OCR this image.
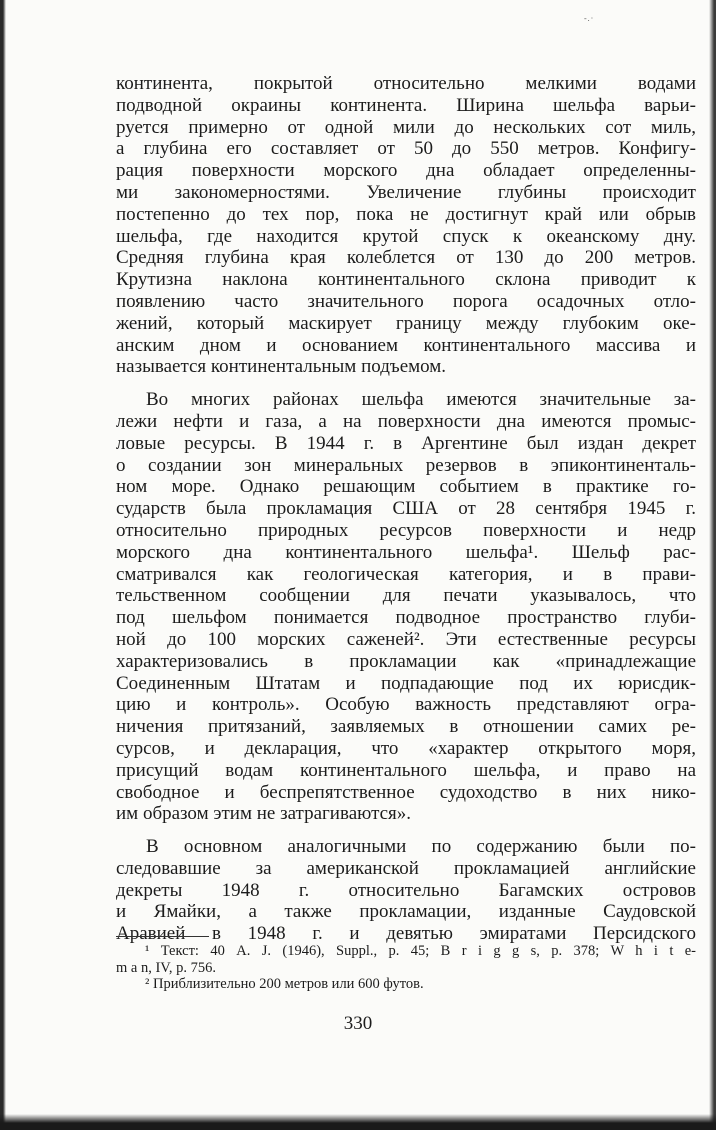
-.·
континента, покрытой относительно мелкими водами
подводной окраины континента. Ширина шельфа варьи-
руется примерно от одной мили до нескольких сот миль,
а глубина его составляет от 50 до 550 метров. Конфигу-
рация поверхности морского дна обладает определенны-
ми закономерностями. Увеличение глубины происходит
постепенно до тех пор, пока не достигнут край или обрыв
шельфа, где находится крутой спуск к океанскому дну.
Средняя глубина края колеблется от 130 до 200 метров.
Крутизна наклона континентального склона приводит к
появлению часто значительного порога осадочных отло-
жений, который маскирует границу между глубоким оке-
анским дном и основанием континентального массива и
называется континентальным подъемом.
Во многих районах шельфа имеются значительные за-
лежи нефти и газа, а на поверхности дна имеются промыс-
ловые ресурсы. В 1944 г. в Аргентине был издан декрет
о создании зон минеральных резервов в эпиконтиненталь-
ном море. Однако решающим событием в практике го-
сударств была прокламация США от 28 сентября 1945 г.
относительно природных ресурсов поверхности и недр
морского дна континентального шельфа¹. Шельф рас-
сматривался как геологическая категория, и в прави-
тельственном сообщении для печати указывалось, что
под шельфом понимается подводное пространство глуби-
ной до 100 морских саженей². Эти естественные ресурсы
характеризовались в прокламации как «принадлежащие
Соединенным Штатам и подпадающие под их юрисдик-
цию и контроль». Особую важность представляют огра-
ничения притязаний, заявляемых в отношении самих ре-
сурсов, и декларация, что «характер открытого моря,
присущий водам континентального шельфа, и право на
свободное и беспрепятственное судоходство в них нико-
им образом этим не затрагиваются».
В основном аналогичными по содержанию были по-
следовавшие за американской прокламацией английские
декреты 1948 г. относительно Багамских островов
и Ямайки, а также прокламации, изданные Саудовской
Аравией в 1948 г. и девятью эмиратами Персидского
¹ Текст: 40 A. J. (1946), Suppl., p. 45; B r i g g s, p. 378; W h i t e-
m a n, IV, p. 756.
² Приблизительно 200 метров или 600 футов.
330
